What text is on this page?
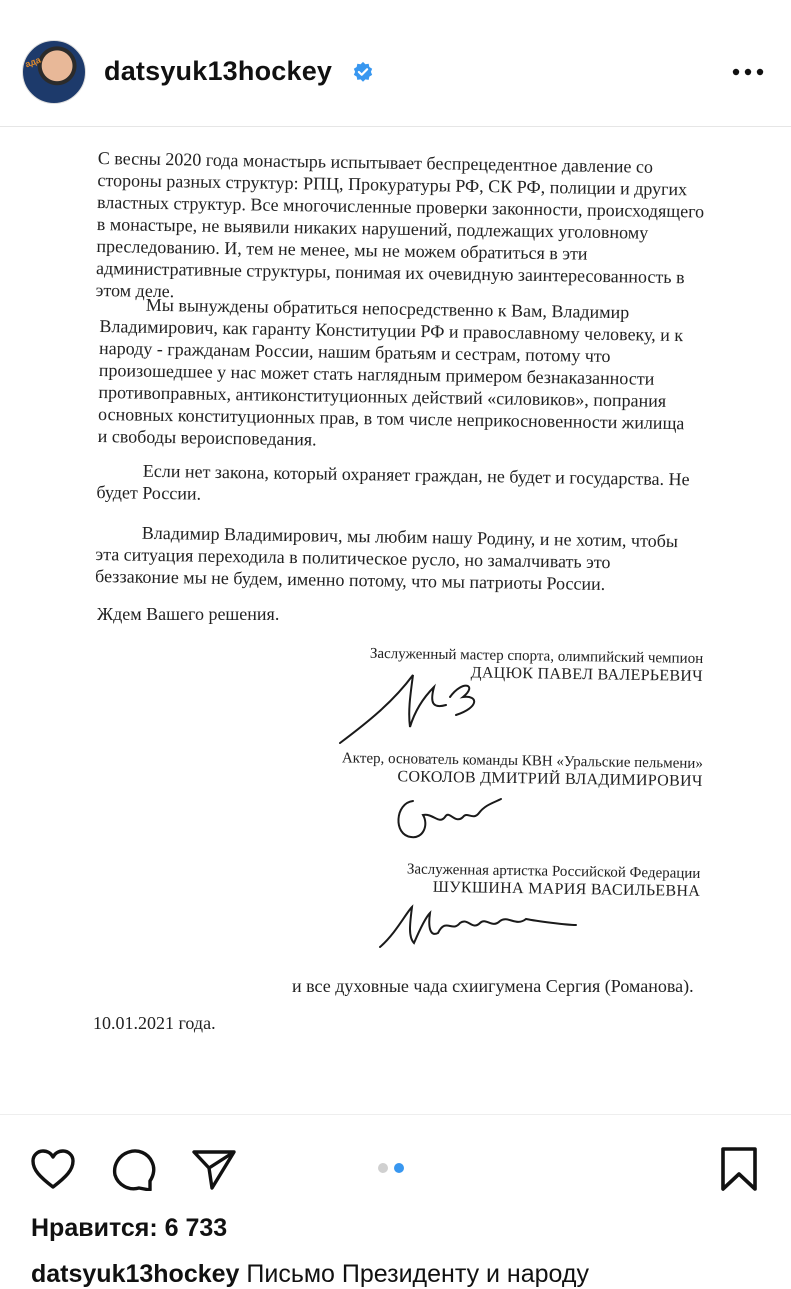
ада datsyuk13hockey

С весны 2020 года монастырь испытывает беспрецедентное давление со стороны разных структур: РПЦ, Прокуратуры РФ, СК РФ, полиции и других властных структур. Все многочисленные проверки законности, происходящего в монастыре, не выявили никаких нарушений, подлежащих уголовному преследованию. И, тем не менее, мы не можем обратиться в эти административные структуры, понимая их очевидную заинтересованность в этом деле.

Мы вынуждены обратиться непосредственно к Вам, Владимир Владимирович, как гаранту Конституции РФ и православному человеку, и к народу - гражданам России, нашим братьям и сестрам, потому что произошедшее у нас может стать наглядным примером безнаказанности противоправных, антиконституционных действий «силовиков», попрания основных конституционных прав, в том числе неприкосновенности жилища и свободы вероисповедания.

Если нет закона, который охраняет граждан, не будет и государства. Не будет России.

Владимир Владимирович, мы любим нашу Родину, и не хотим, чтобы эта ситуация переходила в политическое русло, но замалчивать это беззаконие мы не будем, именно потому, что мы патриоты России.

Ждем Вашего решения.

Заслуженный мастер спорта, олимпийский чемпион
ДАЦЮК ПАВЕЛ ВАЛЕРЬЕВИЧ
Актер, основатель команды КВН «Уральские пельмени»
СОКОЛОВ ДМИТРИЙ ВЛАДИМИРОВИЧ
Заслуженная артистка Российской Федерации
ШУКШИНА МАРИЯ ВАСИЛЬЕВНА

и все духовные чада схиигумена Сергия (Романова).

10.01.2021 года.

Нравится: 6 733
datsyuk13hockey Письмо Президенту и народу
